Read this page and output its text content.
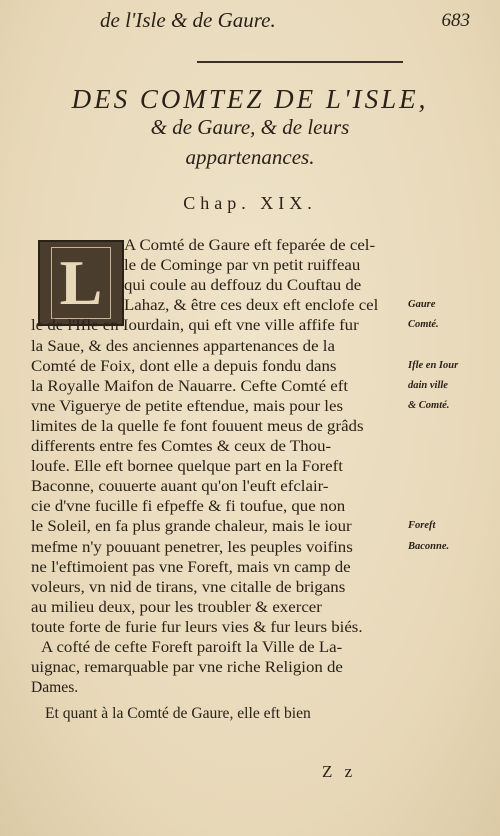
de l'Isle & de Gaure.	683
DES COMTEZ DE L'ISLE,
& de Gaure, & de leurs
appartenances.
Chap. XIX.
L
A Comté de Gaure eft feparée de cel-
le de Cominge par vn petit ruiffeau
qui coule au deffouz du Couftau de
Lahaz, & être ces deux eft enclofe cel
le de l'Ifle en Iourdain, qui eft vne ville affife fur
la Saue, & des anciennes appartenances de la
Comté de Foix, dont elle a depuis fondu dans
la Royalle Maifon de Nauarre. Cefte Comté eft
vne Vigueryе de petite eftendue, mais pour les
limites de la quelle fe font fouuent meus de grâds
differents entre fes Comtes & ceux de Thou-
loufe. Elle eft bornee quelque part en la Foreft
Baconne, couuerte auant qu'on l'euft efclair-
cie d'vne fucille fi efpeffe & fi toufue, que non
le Soleil, en fa plus grande chaleur, mais le iour
mefme n'y pouuant penetrer, les peuples voifins
ne l'eftimoient pas vne Foreft, mais vn camp de
voleurs, vn nid de tirans, vne citalle de brigans
au milieu deux, pour les troubler & exercer
toute forte de furie fur leurs vies & fur leurs biés.
A cofté de cefte Foreft paroift la Ville de La-
uignac, remarquable par vne riche Religion de
Dames.
Et quant à la Comté de Gaure, elle eft bien
Gaure
Comté.
Ifle en Iour
dain ville
& Comté.
Foreft
Baconne.
Z z
